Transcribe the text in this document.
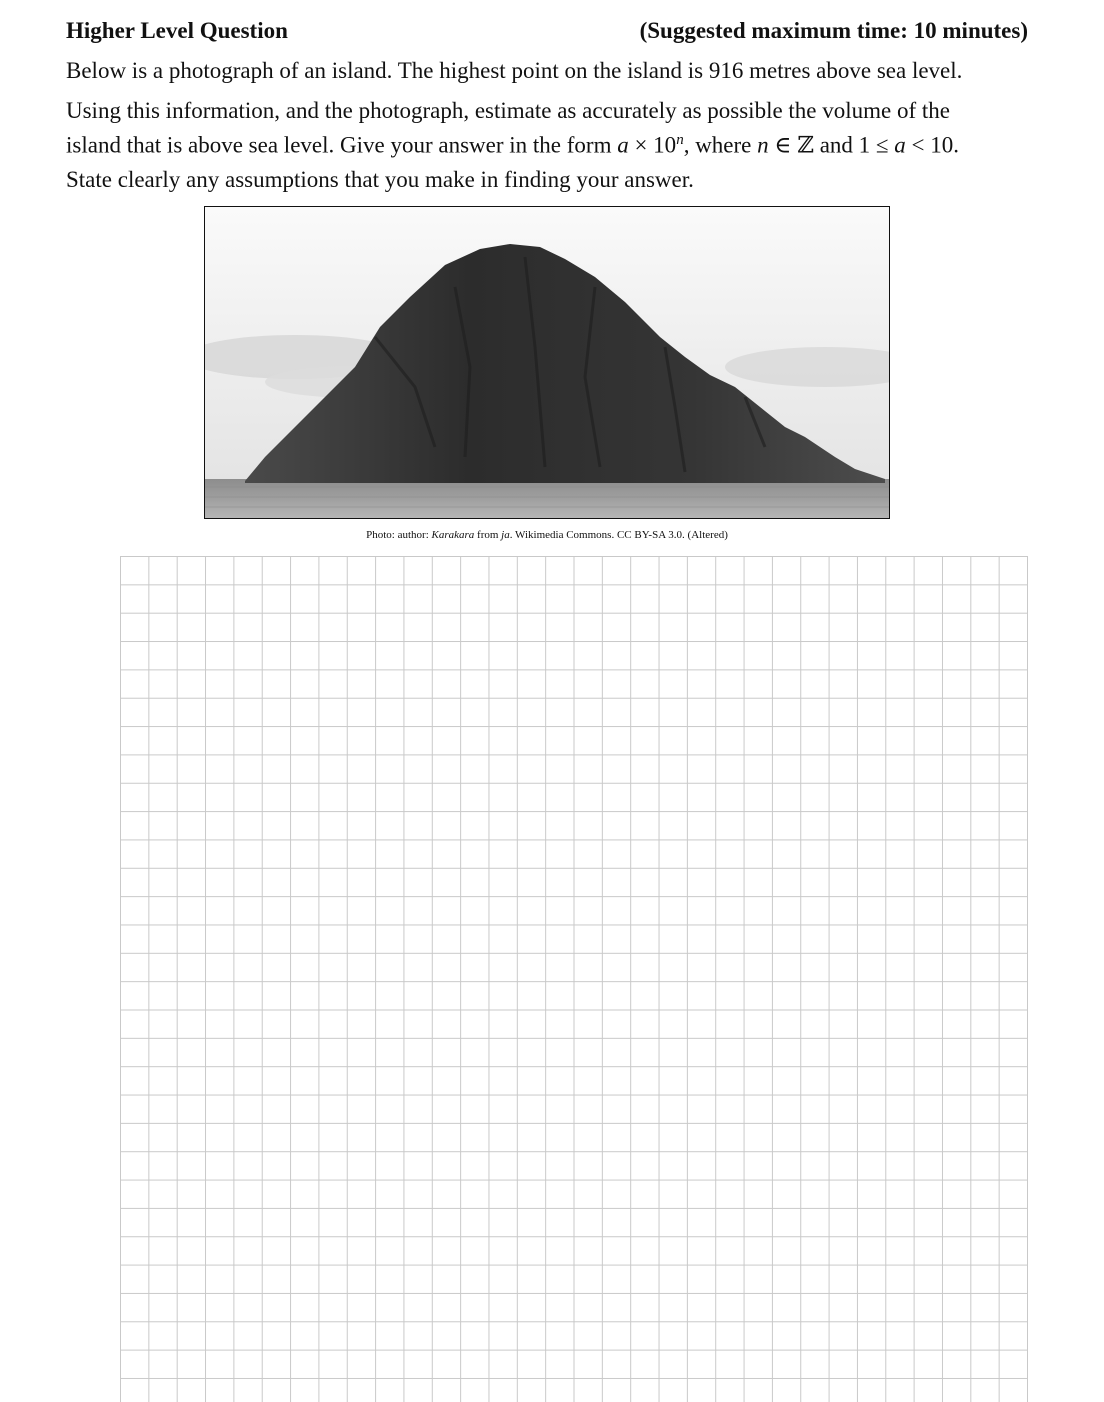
Higher Level Question	(Suggested maximum time: 10 minutes)
Below is a photograph of an island. The highest point on the island is 916 metres above sea level.
Using this information, and the photograph, estimate as accurately as possible the volume of the
island that is above sea level. Give your answer in the form $a \times 10^n$, where n ∈ ℤ and 1 ≤ a < 10.
State clearly any assumptions that you make in finding your answer.
Photo: author: Karakara from ja. Wikimedia Commons. CC BY-SA 3.0. (Altered)
